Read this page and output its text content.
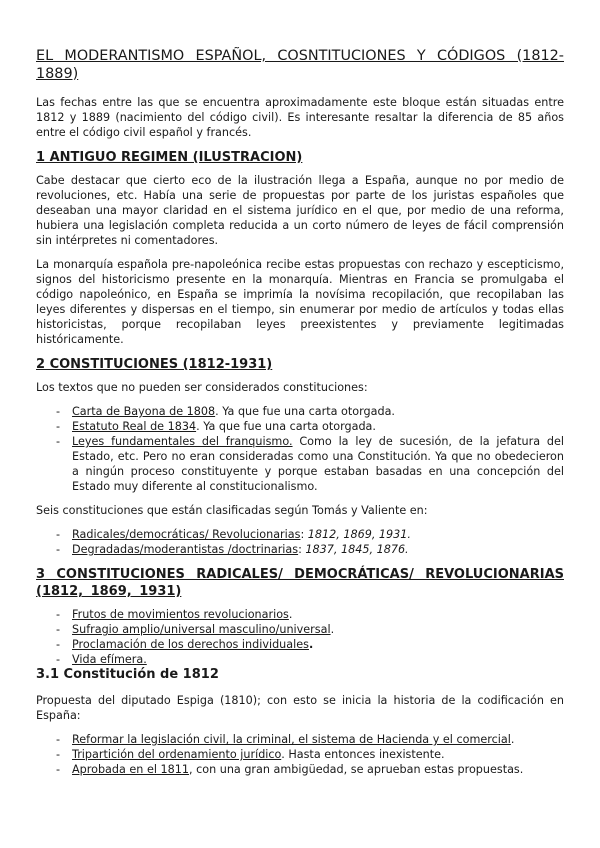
EL MODERANTISMO ESPAÑOL, COSNTITUCIONES Y CÓDIGOS (1812-1889)

Las fechas entre las que se encuentra aproximadamente este bloque están situadas entre 1812 y 1889 (nacimiento del código civil). Es interesante resaltar la diferencia de 85 años entre el código civil español y francés.

1 ANTIGUO REGIMEN (ILUSTRACION)

Cabe destacar que cierto eco de la ilustración llega a España, aunque no por medio de revoluciones, etc. Había una serie de propuestas por parte de los juristas españoles que deseaban una mayor claridad en el sistema jurídico en el que, por medio de una reforma, hubiera una legislación completa reducida a un corto número de leyes de fácil comprensión sin intérpretes ni comentadores.

La monarquía española pre-napoleónica recibe estas propuestas con rechazo y escepticismo, signos del historicismo presente en la monarquía. Mientras en Francia se promulgaba el código napoleónico, en España se imprimía la novísima recopilación, que recopilaban las leyes diferentes y dispersas en el tiempo, sin enumerar por medio de artículos y todas ellas historicistas, porque recopilaban leyes preexistentes y previamente legitimadas históricamente.

2 CONSTITUCIONES (1812-1931)

Los textos que no pueden ser considerados constituciones:

- Carta de Bayona de 1808. Ya que fue una carta otorgada.
- Estatuto Real de 1834. Ya que fue una carta otorgada.
- Leyes fundamentales del franquismo. Como la ley de sucesión, de la jefatura del Estado, etc. Pero no eran consideradas como una Constitución. Ya que no obedecieron a ningún proceso constituyente y porque estaban basadas en una concepción del Estado muy diferente al constitucionalismo.

Seis constituciones que están clasificadas según Tomás y Valiente en:

- Radicales/democráticas/ Revolucionarias: 1812, 1869, 1931.
- Degradadas/moderantistas /doctrinarias: 1837, 1845, 1876.
3 CONSTITUCIONES RADICALES/ DEMOCRÁTICAS/ REVOLUCIONARIAS (1812, 1869, 1931)
- Frutos de movimientos revolucionarios.
- Sufragio amplio/universal masculino/universal.
- Proclamación de los derechos individuales.
- Vida efímera.
3.1 Constitución de 1812

Propuesta del diputado Espiga (1810); con esto se inicia la historia de la codificación en España:

- Reformar la legislación civil, la criminal, el sistema de Hacienda y el comercial.
- Tripartición del ordenamiento jurídico. Hasta entonces inexistente.
- Aprobada en el 1811, con una gran ambigüedad, se aprueban estas propuestas.
